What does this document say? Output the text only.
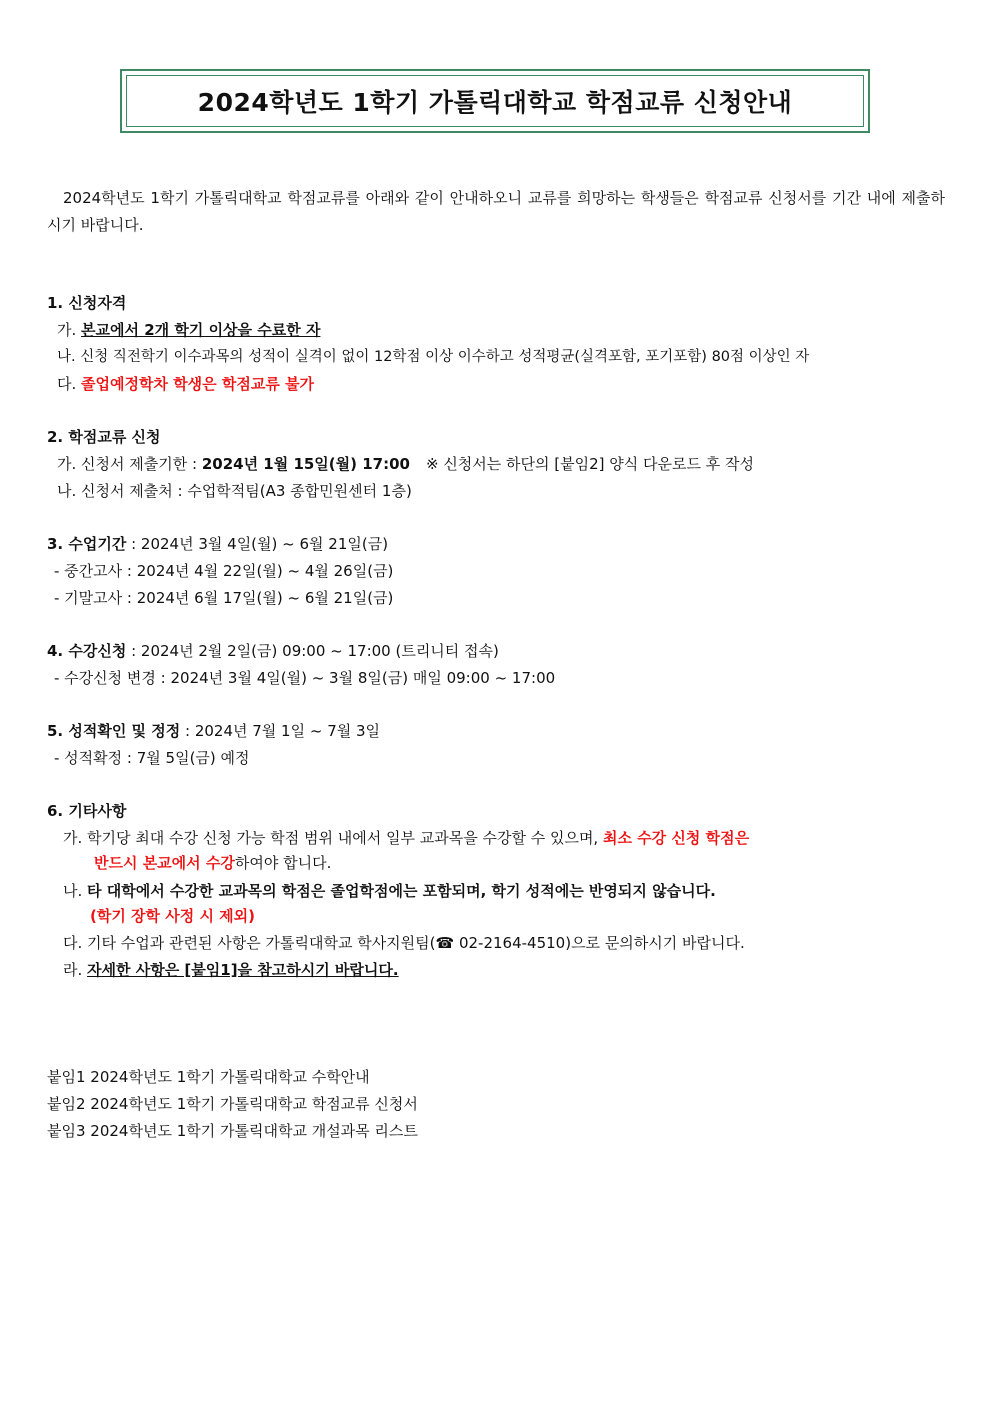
2024학년도 1학기 가톨릭대학교 학점교류 신청안내
2024학년도 1학기 가톨릭대학교 학점교류를 아래와 같이 안내하오니 교류를 희망하는 학생들은 학점교류 신청서를 기간 내에 제출하시기 바랍니다.
1. 신청자격
가. 본교에서 2개 학기 이상을 수료한 자
나. 신청 직전학기 이수과목의 성적이 실격이 없이 12학점 이상 이수하고 성적평균(실격포함, 포기포함) 80점 이상인 자
다. 졸업예정학차 학생은 학점교류 불가
2. 학점교류 신청
가. 신청서 제출기한 : 2024년 1월 15일(월) 17:00 ※ 신청서는 하단의 [붙임2] 양식 다운로드 후 작성
나. 신청서 제출처 : 수업학적팀(A3 종합민원센터 1층)
3. 수업기간 : 2024년 3월 4일(월) ~ 6월 21일(금)
- 중간고사 : 2024년 4월 22일(월) ~ 4월 26일(금)
- 기말고사 : 2024년 6월 17일(월) ~ 6월 21일(금)
4. 수강신청 : 2024년 2월 2일(금) 09:00 ~ 17:00 (트리니티 접속)
- 수강신청 변경 : 2024년 3월 4일(월) ~ 3월 8일(금) 매일 09:00 ~ 17:00
5. 성적확인 및 정정 : 2024년 7월 1일 ~ 7월 3일
- 성적확정 : 7월 5일(금) 예정
6. 기타사항
가. 학기당 최대 수강 신청 가능 학점 범위 내에서 일부 교과목을 수강할 수 있으며, 최소 수강 신청 학점은
반드시 본교에서 수강하여야 합니다.
나. 타 대학에서 수강한 교과목의 학점은 졸업학점에는 포함되며, 학기 성적에는 반영되지 않습니다.
(학기 장학 사정 시 제외)
다. 기타 수업과 관련된 사항은 가톨릭대학교 학사지원팀(☎ 02-2164-4510)으로 문의하시기 바랍니다.
라. 자세한 사항은 [붙임1]을 참고하시기 바랍니다.
붙임1 2024학년도 1학기 가톨릭대학교 수학안내
붙임2 2024학년도 1학기 가톨릭대학교 학점교류 신청서
붙임3 2024학년도 1학기 가톨릭대학교 개설과목 리스트
